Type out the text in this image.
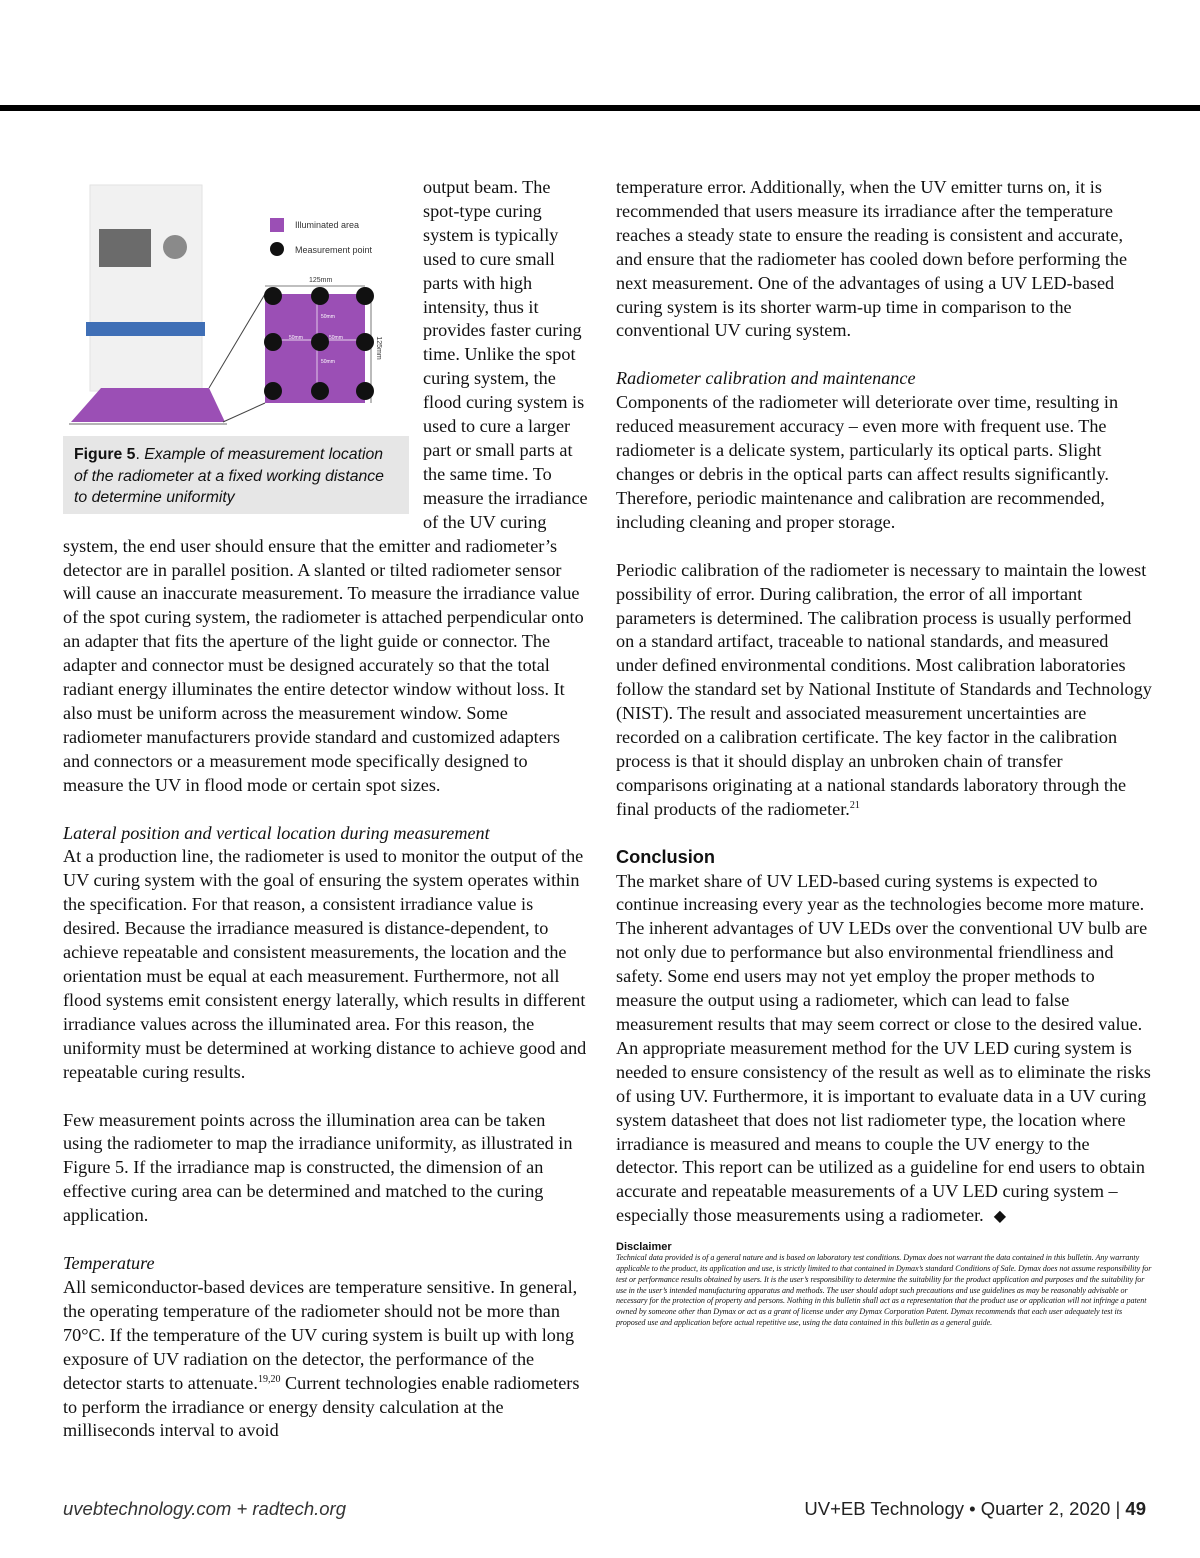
Illuminated area
Measurement point
125mm
125mm
50mm
50mm	50mm
50mm
Figure 5. Example of measurement location of the radiometer at a fixed working distance to determine uniformity

output beam. The spot-type curing system is typically used to cure small parts with high intensity, thus it provides faster curing time. Unlike the spot curing system, the flood curing system is used to cure a larger part or small parts at the same time. To measure the irradiance of the UV curing system, the end user should ensure that the emitter and radiometer’s detector are in parallel position. A slanted or tilted radiometer sensor will cause an inaccurate measurement. To measure the irradiance value of the spot curing system, the radiometer is attached perpendicular onto an adapter that fits the aperture of the light guide or connector. The adapter and connector must be designed accurately so that the total radiant energy illuminates the entire detector window without loss. It also must be uniform across the measurement window. Some radiometer manufacturers provide standard and customized adapters and connectors or a measurement mode specifically designed to measure the UV in flood mode or certain spot sizes.

Lateral position and vertical location during measurement

At a production line, the radiometer is used to monitor the output of the UV curing system with the goal of ensuring the system operates within the specification. For that reason, a consistent irradiance value is desired. Because the irradiance measured is distance-dependent, to achieve repeatable and consistent measurements, the location and the orientation must be equal at each measurement. Furthermore, not all flood systems emit consistent energy laterally, which results in different irradiance values across the illuminated area. For this reason, the uniformity must be determined at working distance to achieve good and repeatable curing results.

Few measurement points across the illumination area can be taken using the radiometer to map the irradiance uniformity, as illustrated in Figure 5. If the irradiance map is constructed, the dimension of an effective curing area can be determined and matched to the curing application.

Temperature

All semiconductor-based devices are temperature sensitive. In general, the operating temperature of the radiometer should not be more than 70°C. If the temperature of the UV curing system is built up with long exposure of UV radiation on the detector, the performance of the detector starts to attenuate.$^{19,20}$ Current technologies enable radiometers to perform the irradiance or energy density calculation at the milliseconds interval to avoid

temperature error. Additionally, when the UV emitter turns on, it is recommended that users measure its irradiance after the temperature reaches a steady state to ensure the reading is consistent and accurate, and ensure that the radiometer has cooled down before performing the next measurement. One of the advantages of using a UV LED-based curing system is its shorter warm-up time in comparison to the conventional UV curing system.

Radiometer calibration and maintenance

Components of the radiometer will deteriorate over time, resulting in reduced measurement accuracy – even more with frequent use. The radiometer is a delicate system, particularly its optical parts. Slight changes or debris in the optical parts can affect results significantly. Therefore, periodic maintenance and calibration are recommended, including cleaning and proper storage.

Periodic calibration of the radiometer is necessary to maintain the lowest possibility of error. During calibration, the error of all important parameters is determined. The calibration process is usually performed on a standard artifact, traceable to national standards, and measured under defined environmental conditions. Most calibration laboratories follow the standard set by National Institute of Standards and Technology (NIST). The result and associated measurement uncertainties are recorded on a calibration certificate. The key factor in the calibration process is that it should display an unbroken chain of transfer comparisons originating at a national standards laboratory through the final products of the radiometer.$^{21}$

Conclusion

The market share of UV LED-based curing systems is expected to continue increasing every year as the technologies become more mature. The inherent advantages of UV LEDs over the conventional UV bulb are not only due to performance but also environmental friendliness and safety. Some end users may not yet employ the proper methods to measure the output using a radiometer, which can lead to false measurement results that may seem correct or close to the desired value. An appropriate measurement method for the UV LED curing system is needed to ensure consistency of the result as well as to eliminate the risks of using UV. Furthermore, it is important to evaluate data in a UV curing system datasheet that does not list radiometer type, the location where irradiance is measured and means to couple the UV energy to the detector. This report can be utilized as a guideline for end users to obtain accurate and repeatable measurements of a UV LED curing system – especially those measurements using a radiometer. ◆

Disclaimer
Technical data provided is of a general nature and is based on laboratory test conditions. Dymax does not warrant the data contained in this bulletin. Any warranty applicable to the product, its application and use, is strictly limited to that contained in Dymax’s standard Conditions of Sale. Dymax does not assume responsibility for test or performance results obtained by users. It is the user’s responsibility to determine the suitability for the product application and purposes and the suitability for use in the user’s intended manufacturing apparatus and methods. The user should adopt such precautions and use guidelines as may be reasonably advisable or necessary for the protection of property and persons. Nothing in this bulletin shall act as a representation that the product use or application will not infringe a patent owned by someone other than Dymax or act as a grant of license under any Dymax Corporation Patent. Dymax recommends that each user adequately test its proposed use and application before actual repetitive use, using the data contained in this bulletin as a general guide.
uvebtechnology.com + radtech.org	UV+EB Technology • Quarter 2, 2020 | 49
